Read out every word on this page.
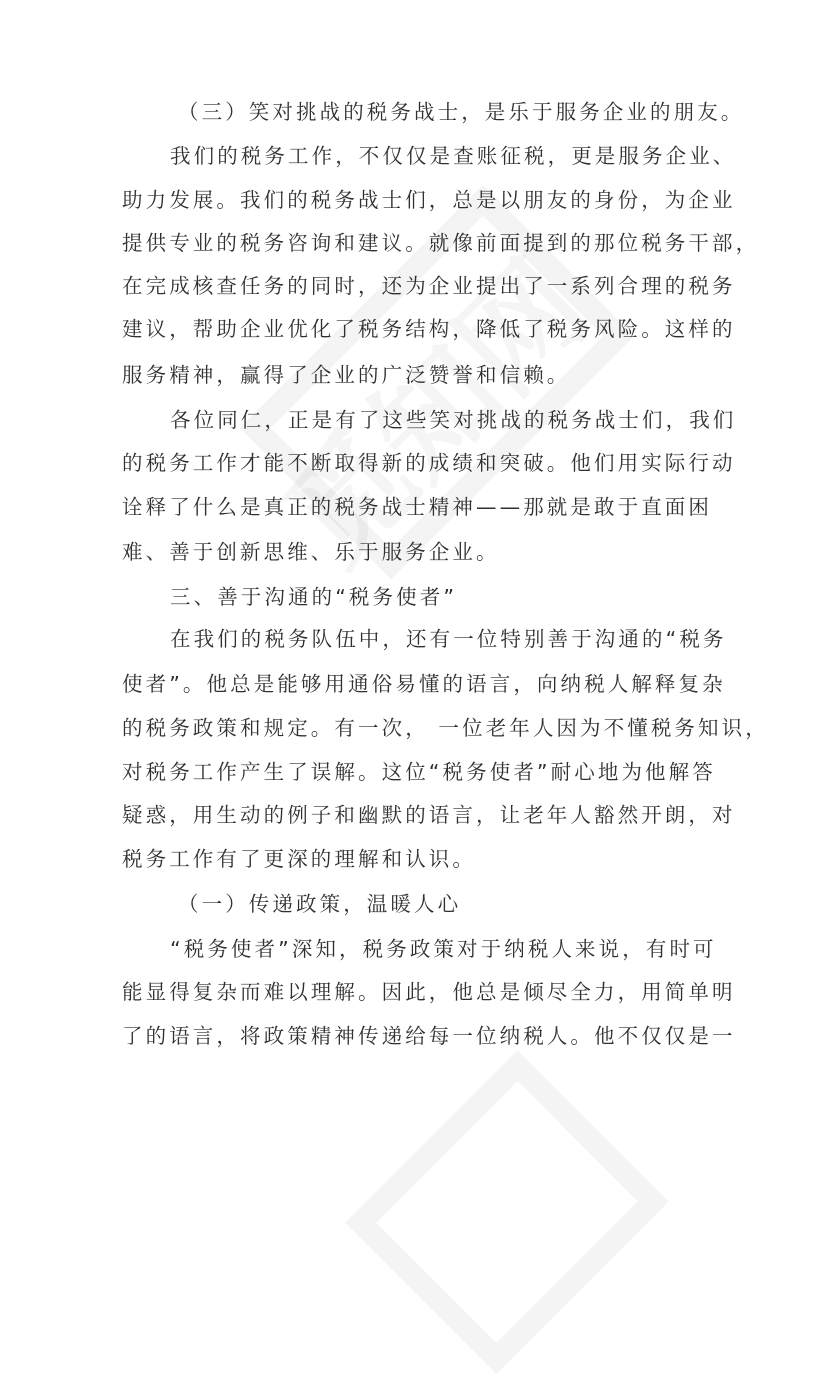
（三）笑对挑战的税务战士，是乐于服务企业的朋友。
我们的税务工作，不仅仅是查账征税，更是服务企业、
助力发展。我们的税务战士们，总是以朋友的身份，为企业
提供专业的税务咨询和建议。就像前面提到的那位税务干部，
在完成核查任务的同时，还为企业提出了一系列合理的税务
建议，帮助企业优化了税务结构，降低了税务风险。这样的
服务精神，赢得了企业的广泛赞誉和信赖。
各位同仁，正是有了这些笑对挑战的税务战士们，我们
的税务工作才能不断取得新的成绩和突破。他们用实际行动
诠释了什么是真正的税务战士精神——那就是敢于直面困
难、善于创新思维、乐于服务企业。
三、善于沟通的“税务使者”
在我们的税务队伍中，还有一位特别善于沟通的“税务
使者”。他总是能够用通俗易懂的语言，向纳税人解释复杂
的税务政策和规定。有一次， 一位老年人因为不懂税务知识，
对税务工作产生了误解。这位“税务使者”耐心地为他解答
疑惑，用生动的例子和幽默的语言，让老年人豁然开朗，对
税务工作有了更深的理解和认识。
（一）传递政策，温暖人心
“税务使者”深知，税务政策对于纳税人来说，有时可
能显得复杂而难以理解。因此，他总是倾尽全力，用简单明
了的语言，将政策精神传递给每一位纳税人。他不仅仅是一
